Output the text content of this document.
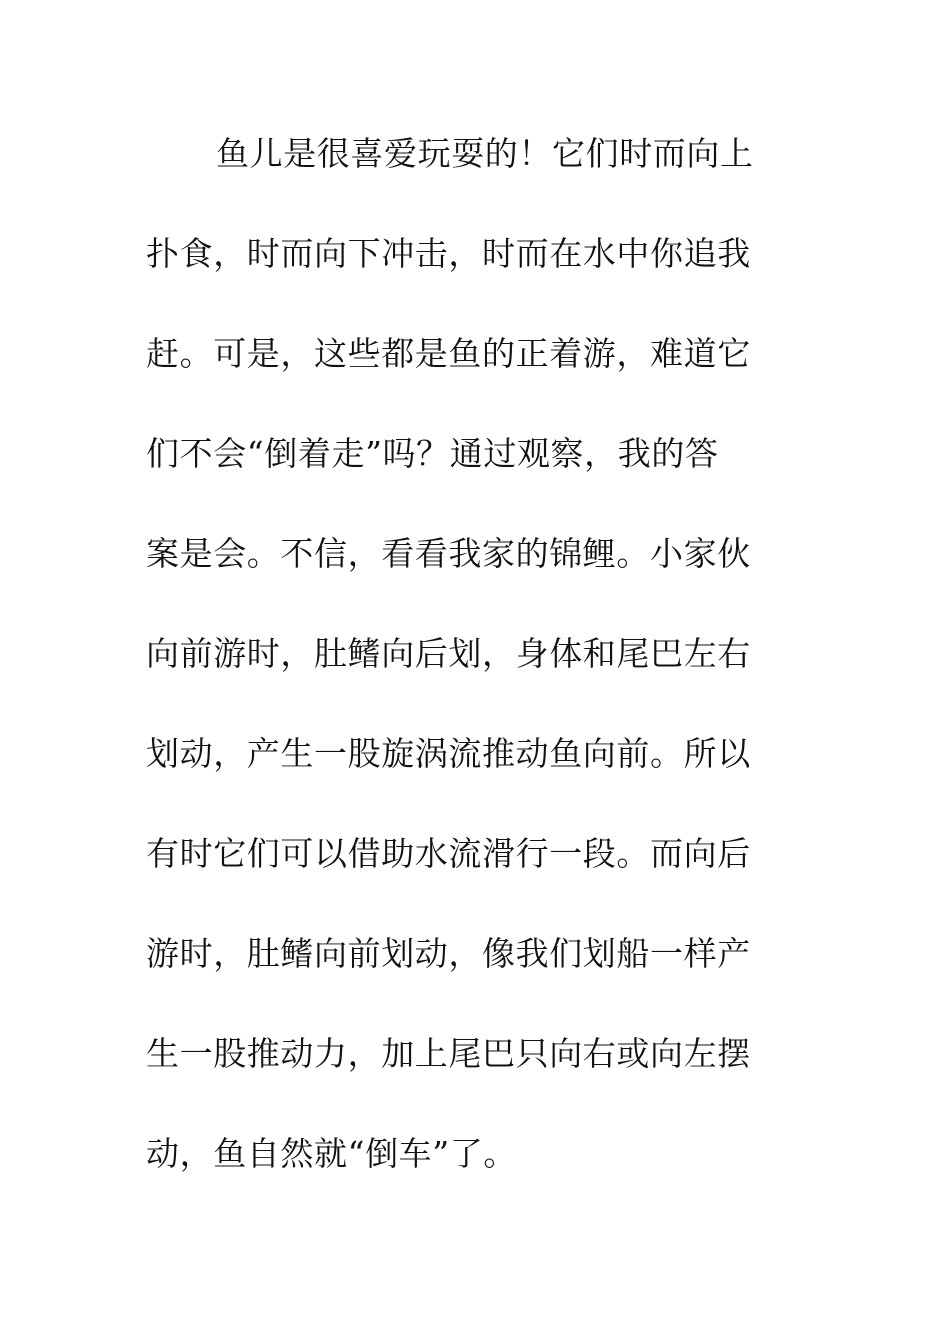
鱼儿是很喜爱玩耍的！它们时而向上
扑食，时而向下冲击，时而在水中你追我
赶。可是，这些都是鱼的正着游，难道它
们不会“倒着走”吗？通过观察，我的答
案是会。不信，看看我家的锦鲤。小家伙
向前游时，肚鳍向后划，身体和尾巴左右
划动，产生一股旋涡流推动鱼向前。所以
有时它们可以借助水流滑行一段。而向后
游时，肚鳍向前划动，像我们划船一样产
生一股推动力，加上尾巴只向右或向左摆
动，鱼自然就“倒车”了。
